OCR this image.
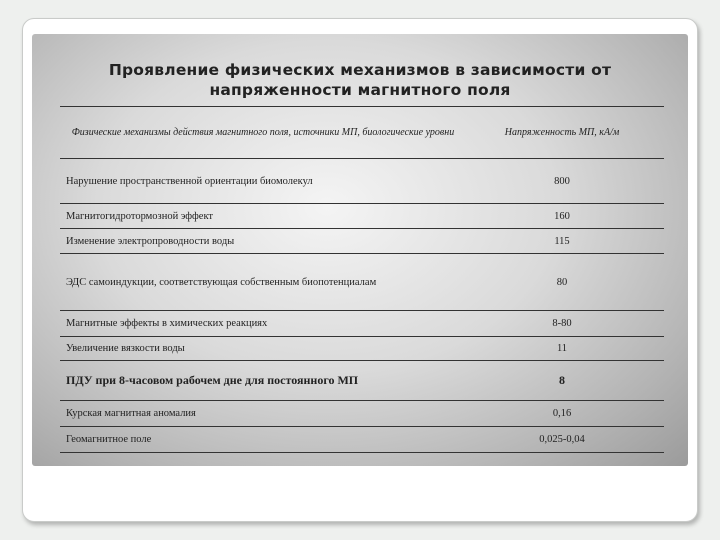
Проявление физических механизмов в зависимости от
напряженности магнитного поля
Физические механизмы действия магнитного поля, источники МП, биологические уровни	Напряженность МП, кА/м
Нарушение пространственной ориентации биомолекул	800
Магнитогидротормозной эффект	160
Изменение электропроводности воды	115
ЭДС самоиндукции, соответствующая собственным биопотенциалам	80
Магнитные эффекты в химических реакциях	8-80
Увеличение вязкости воды	11
ПДУ при 8-часовом рабочем дне для постоянного МП	8
Курская магнитная аномалия	0,16
Геомагнитное поле	0,025-0,04
